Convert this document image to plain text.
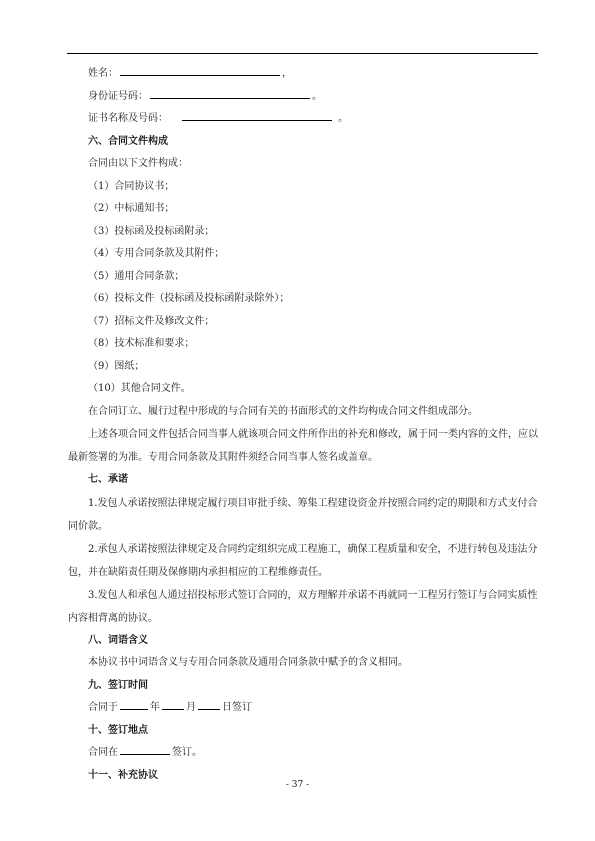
姓名：	，
身份证号码：	。
证书名称及号码：	。
六、合同文件构成
合同由以下文件构成：
（1）合同协议书；
（2）中标通知书；
（3）投标函及投标函附录；
（4）专用合同条款及其附件；
（5）通用合同条款；
（6）投标文件（投标函及投标函附录除外）；
（7）招标文件及修改文件；
（8）技术标准和要求；
（9）图纸；
（10）其他合同文件。
在合同订立、履行过程中形成的与合同有关的书面形式的文件均构成合同文件组成部分。
上述各项合同文件包括合同当事人就该项合同文件所作出的补充和修改，属于同一类内容的文件，应以最新签署的为准。专用合同条款及其附件须经合同当事人签名或盖章。
七、承诺
1.发包人承诺按照法律规定履行项目审批手续、筹集工程建设资金并按照合同约定的期限和方式支付合同价款。
2.承包人承诺按照法律规定及合同约定组织完成工程施工，确保工程质量和安全，不进行转包及违法分包，并在缺陷责任期及保修期内承担相应的工程维修责任。
3.发包人和承包人通过招投标形式签订合同的，双方理解并承诺不再就同一工程另行签订与合同实质性内容相背离的协议。
八、词语含义
本协议书中词语含义与专用合同条款及通用合同条款中赋予的含义相同。
九、签订时间
合同于	年	月	日签订
十、签订地点
合同在	签订。
十一、补充协议
- 37 -
